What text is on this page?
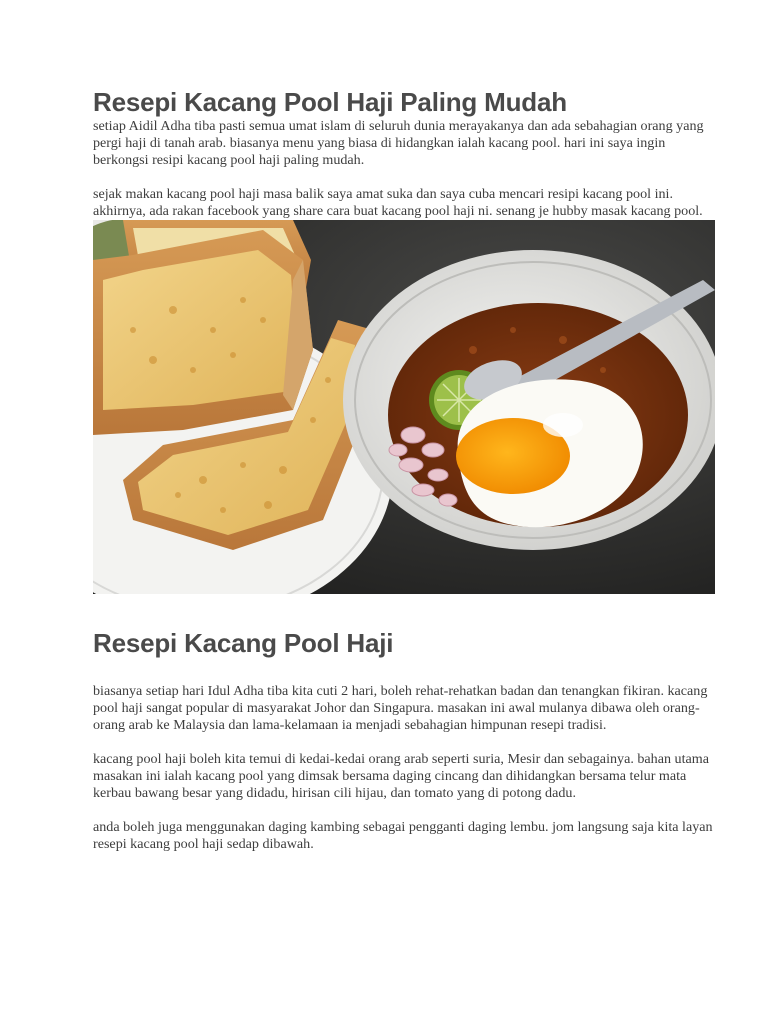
Resepi Kacang Pool Haji Paling Mudah

setiap Aidil Adha tiba pasti semua umat islam di seluruh dunia merayakanya dan ada sebahagian orang yang pergi haji di tanah arab. biasanya menu yang biasa di hidangkan ialah kacang pool. hari ini saya ingin berkongsi resipi kacang pool haji paling mudah.

sejak makan kacang pool haji masa balik saya amat suka dan saya cuba mencari resipi kacang pool ini. akhirnya, ada rakan facebook yang share cara buat kacang pool haji ni. senang je hubby masak kacang pool.

Resepi Kacang Pool Haji

biasanya setiap hari Idul Adha tiba kita cuti 2 hari, boleh rehat-rehatkan badan dan tenangkan fikiran. kacang pool haji sangat popular di masyarakat Johor dan Singapura. masakan ini awal mulanya dibawa oleh orang-orang arab ke Malaysia dan lama-kelamaan ia menjadi sebahagian himpunan resepi tradisi.

kacang pool haji boleh kita temui di kedai-kedai orang arab seperti suria, Mesir dan sebagainya. bahan utama masakan ini ialah kacang pool yang dimsak bersama daging cincang dan dihidangkan bersama telur mata kerbau bawang besar yang didadu, hirisan cili hijau, dan tomato yang di potong dadu.

anda boleh juga menggunakan daging kambing sebagai pengganti daging lembu. jom langsung saja kita layan resepi kacang pool haji sedap dibawah.
